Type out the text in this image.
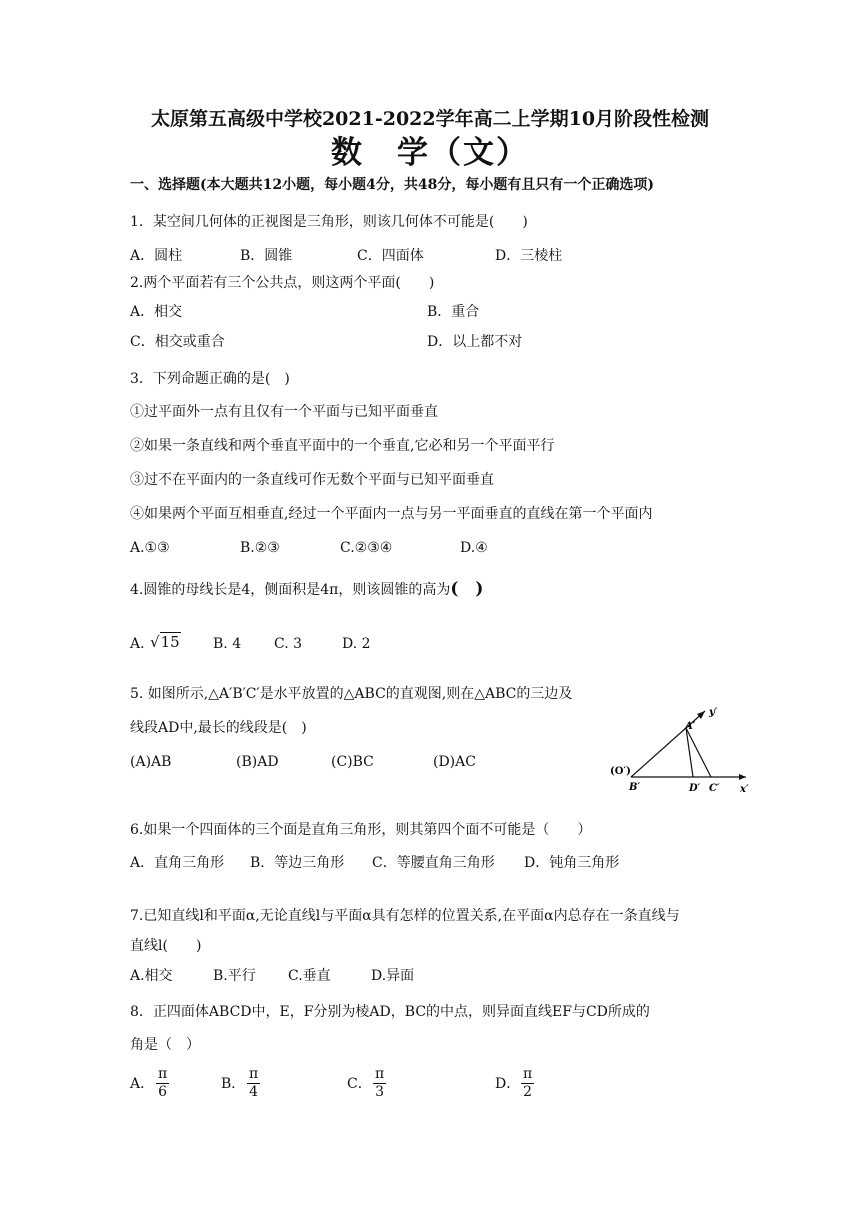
太原第五高级中学校2021-2022学年高二上学期10月阶段性检测
数　学（文）
一、选择题(本大题共12小题，每小题4分，共48分，每小题有且只有一个正确选项)
1．某空间几何体的正视图是三角形，则该几何体不可能是(　　)
A．圆柱	B．圆锥	C．四面体	D．三棱柱
2.两个平面若有三个公共点，则这两个平面(　　)
A．相交	B．重合
C．相交或重合	D．以上都不对
3．下列命题正确的是(　)
①过平面外一点有且仅有一个平面与已知平面垂直
②如果一条直线和两个垂直平面中的一个垂直,它必和另一个平面平行
③过不在平面内的一条直线可作无数个平面与已知平面垂直
④如果两个平面互相垂直,经过一个平面内一点与另一平面垂直的直线在第一个平面内
A.①③	B.②③	C.②③④	D.④
4.圆锥的母线长是4，侧面积是4π，则该圆锥的高为(　)
A. √15 B. 4 C. 3	D. 2
5. 如图所示,△A′B′C′是水平放置的△ABC的直观图,则在△ABC的三边及
线段AD中,最长的线段是(　)
(A)AB	(B)AD	(C)BC	(D)AC
y′
x′
(O′)
B′
A′
D′ C′
6.如果一个四面体的三个面是直角三角形，则其第四个面不可能是（　　）
A．直角三角形 B．等边三角形 C．等腰直角三角形 D．钝角三角形
7.已知直线l和平面α,无论直线l与平面α具有怎样的位置关系,在平面α内总存在一条直线与
直线l(　　)
A.相交	B.平行 C.垂直	D.异面
8．正四面体ABCD中，E，F分别为棱AD，BC的中点，则异面直线EF与CD所成的
角是（　）
A． $\frac{\pi}{6}$	B． $\frac{\pi}{4}$	C． $\frac{\pi}{3}$	D． $\frac{\pi}{2}$
